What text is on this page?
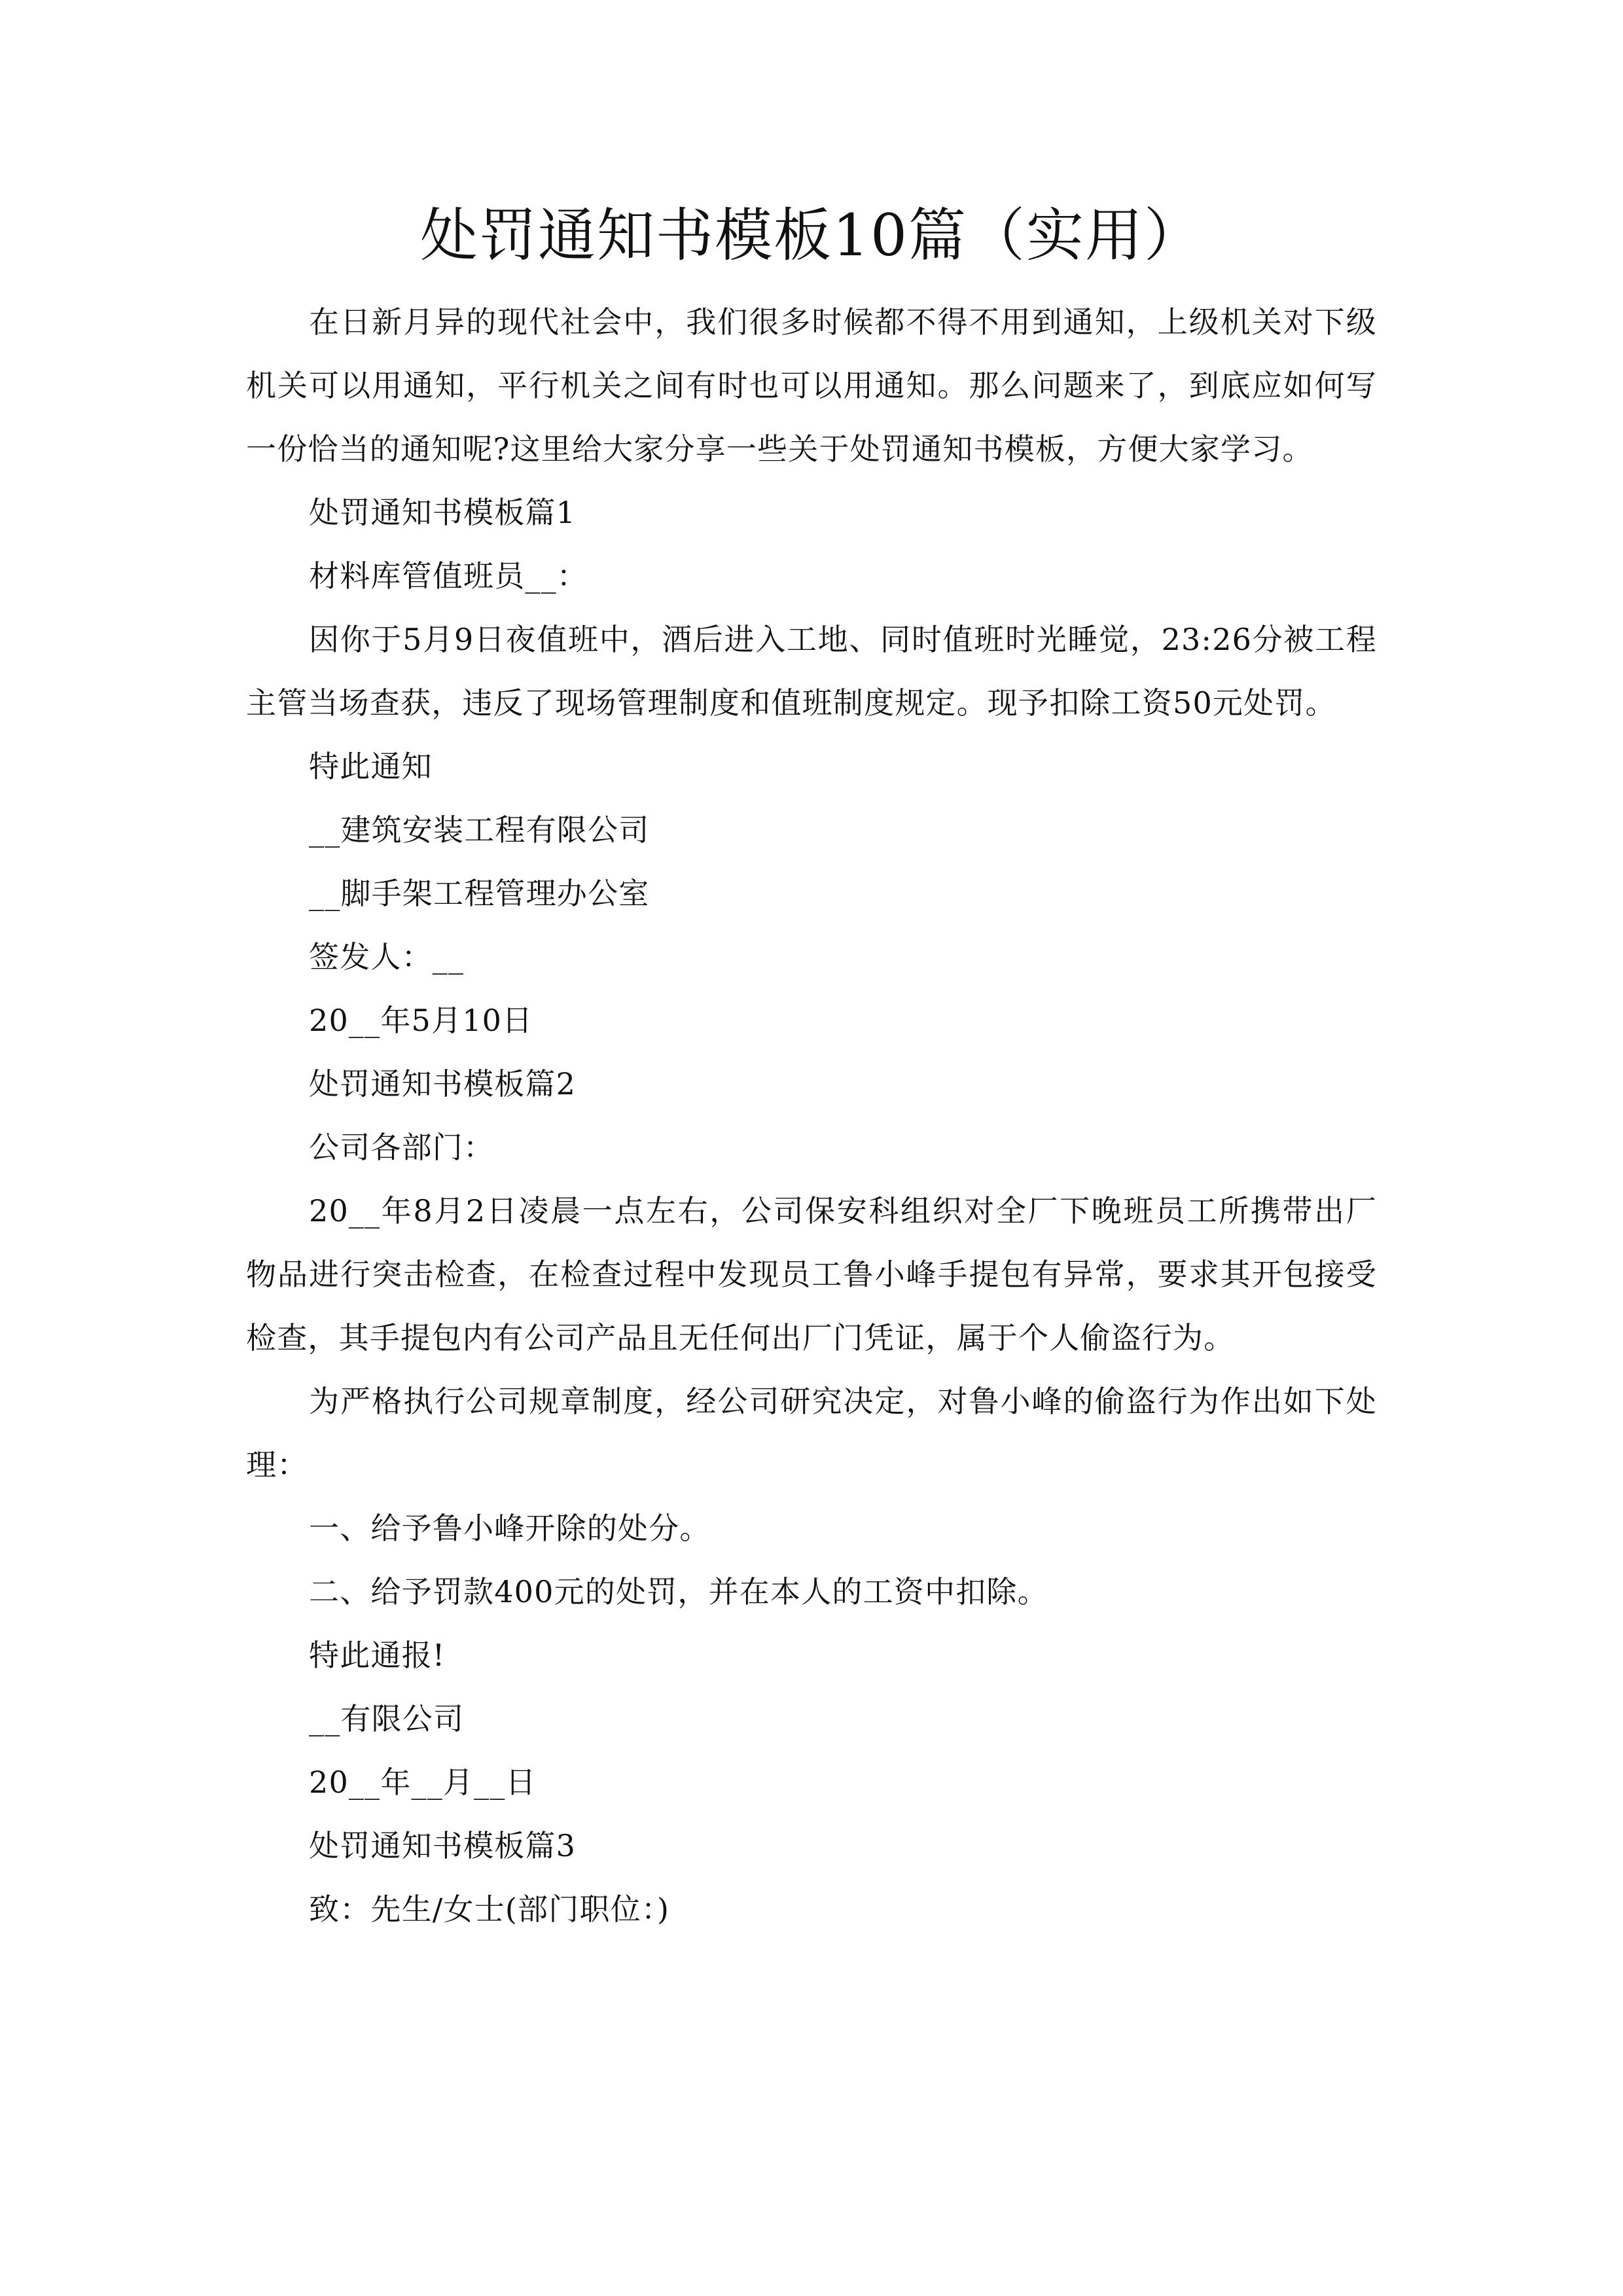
处罚通知书模板10篇（实用）

在日新月异的现代社会中，我们很多时候都不得不用到通知，上级机关对下级机关可以用通知，平行机关之间有时也可以用通知。那么问题来了，到底应如何写一份恰当的通知呢?这里给大家分享一些关于处罚通知书模板，方便大家学习。

处罚通知书模板篇1

材料库管值班员__：

因你于5月9日夜值班中，酒后进入工地、同时值班时光睡觉，23:26分被工程主管当场查获，违反了现场管理制度和值班制度规定。现予扣除工资50元处罚。

特此通知

__建筑安装工程有限公司

__脚手架工程管理办公室

签发人：__

20__年5月10日

处罚通知书模板篇2

公司各部门：

20__年8月2日凌晨一点左右，公司保安科组织对全厂下晚班员工所携带出厂物品进行突击检查，在检查过程中发现员工鲁小峰手提包有异常，要求其开包接受检查，其手提包内有公司产品且无任何出厂门凭证，属于个人偷盗行为。

为严格执行公司规章制度，经公司研究决定，对鲁小峰的偷盗行为作出如下处理：

一、给予鲁小峰开除的处分。

二、给予罚款400元的处罚，并在本人的工资中扣除。

特此通报!

__有限公司

20__年__月__日

处罚通知书模板篇3

致：先生/女士(部门职位：)
